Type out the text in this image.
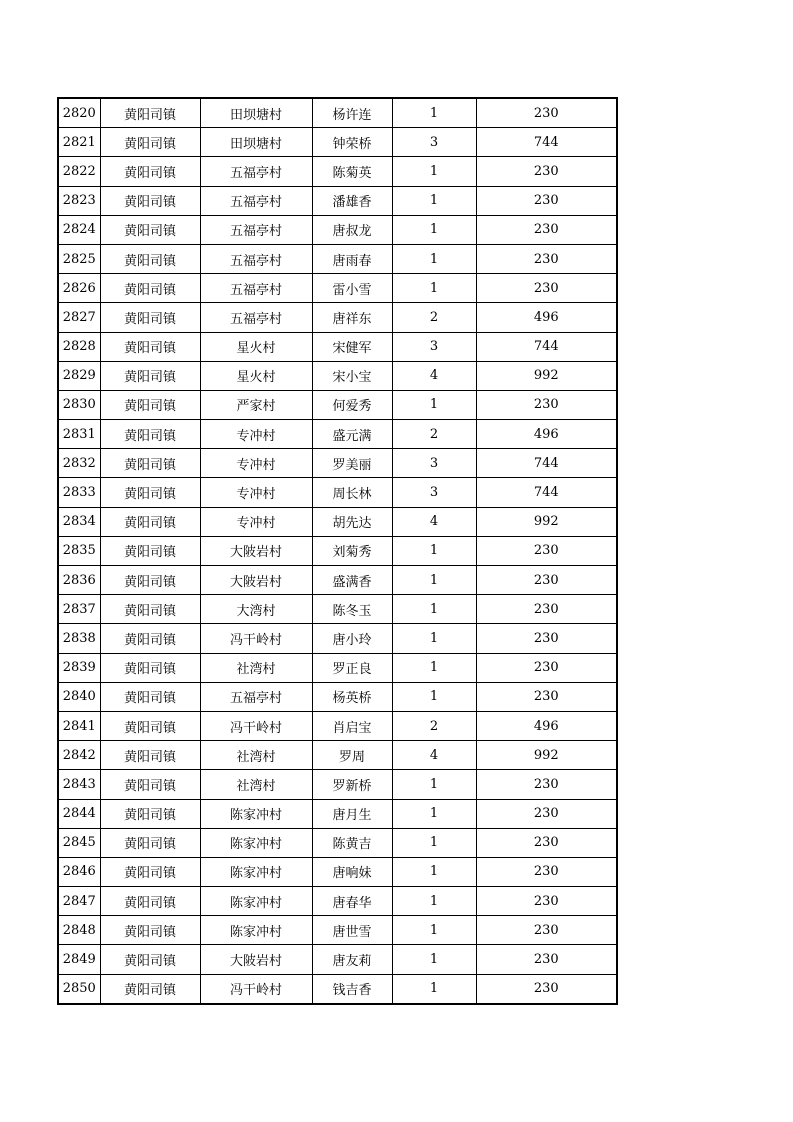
2820	黄阳司镇	田坝塘村	杨许连	1	230
2821	黄阳司镇	田坝塘村	钟荣桥	3	744
2822	黄阳司镇	五福亭村	陈菊英	1	230
2823	黄阳司镇	五福亭村	潘雄香	1	230
2824	黄阳司镇	五福亭村	唐叔龙	1	230
2825	黄阳司镇	五福亭村	唐雨春	1	230
2826	黄阳司镇	五福亭村	雷小雪	1	230
2827	黄阳司镇	五福亭村	唐祥东	2	496
2828	黄阳司镇	星火村	宋健军	3	744
2829	黄阳司镇	星火村	宋小宝	4	992
2830	黄阳司镇	严家村	何爱秀	1	230
2831	黄阳司镇	专冲村	盛元满	2	496
2832	黄阳司镇	专冲村	罗美丽	3	744
2833	黄阳司镇	专冲村	周长林	3	744
2834	黄阳司镇	专冲村	胡先达	4	992
2835	黄阳司镇	大陂岩村	刘菊秀	1	230
2836	黄阳司镇	大陂岩村	盛满香	1	230
2837	黄阳司镇	大湾村	陈冬玉	1	230
2838	黄阳司镇	冯干岭村	唐小玲	1	230
2839	黄阳司镇	社湾村	罗正良	1	230
2840	黄阳司镇	五福亭村	杨英桥	1	230
2841	黄阳司镇	冯干岭村	肖启宝	2	496
2842	黄阳司镇	社湾村	罗周	4	992
2843	黄阳司镇	社湾村	罗新桥	1	230
2844	黄阳司镇	陈家冲村	唐月生	1	230
2845	黄阳司镇	陈家冲村	陈黄吉	1	230
2846	黄阳司镇	陈家冲村	唐响妹	1	230
2847	黄阳司镇	陈家冲村	唐春华	1	230
2848	黄阳司镇	陈家冲村	唐世雪	1	230
2849	黄阳司镇	大陂岩村	唐友莉	1	230
2850	黄阳司镇	冯干岭村	钱吉香	1	230
